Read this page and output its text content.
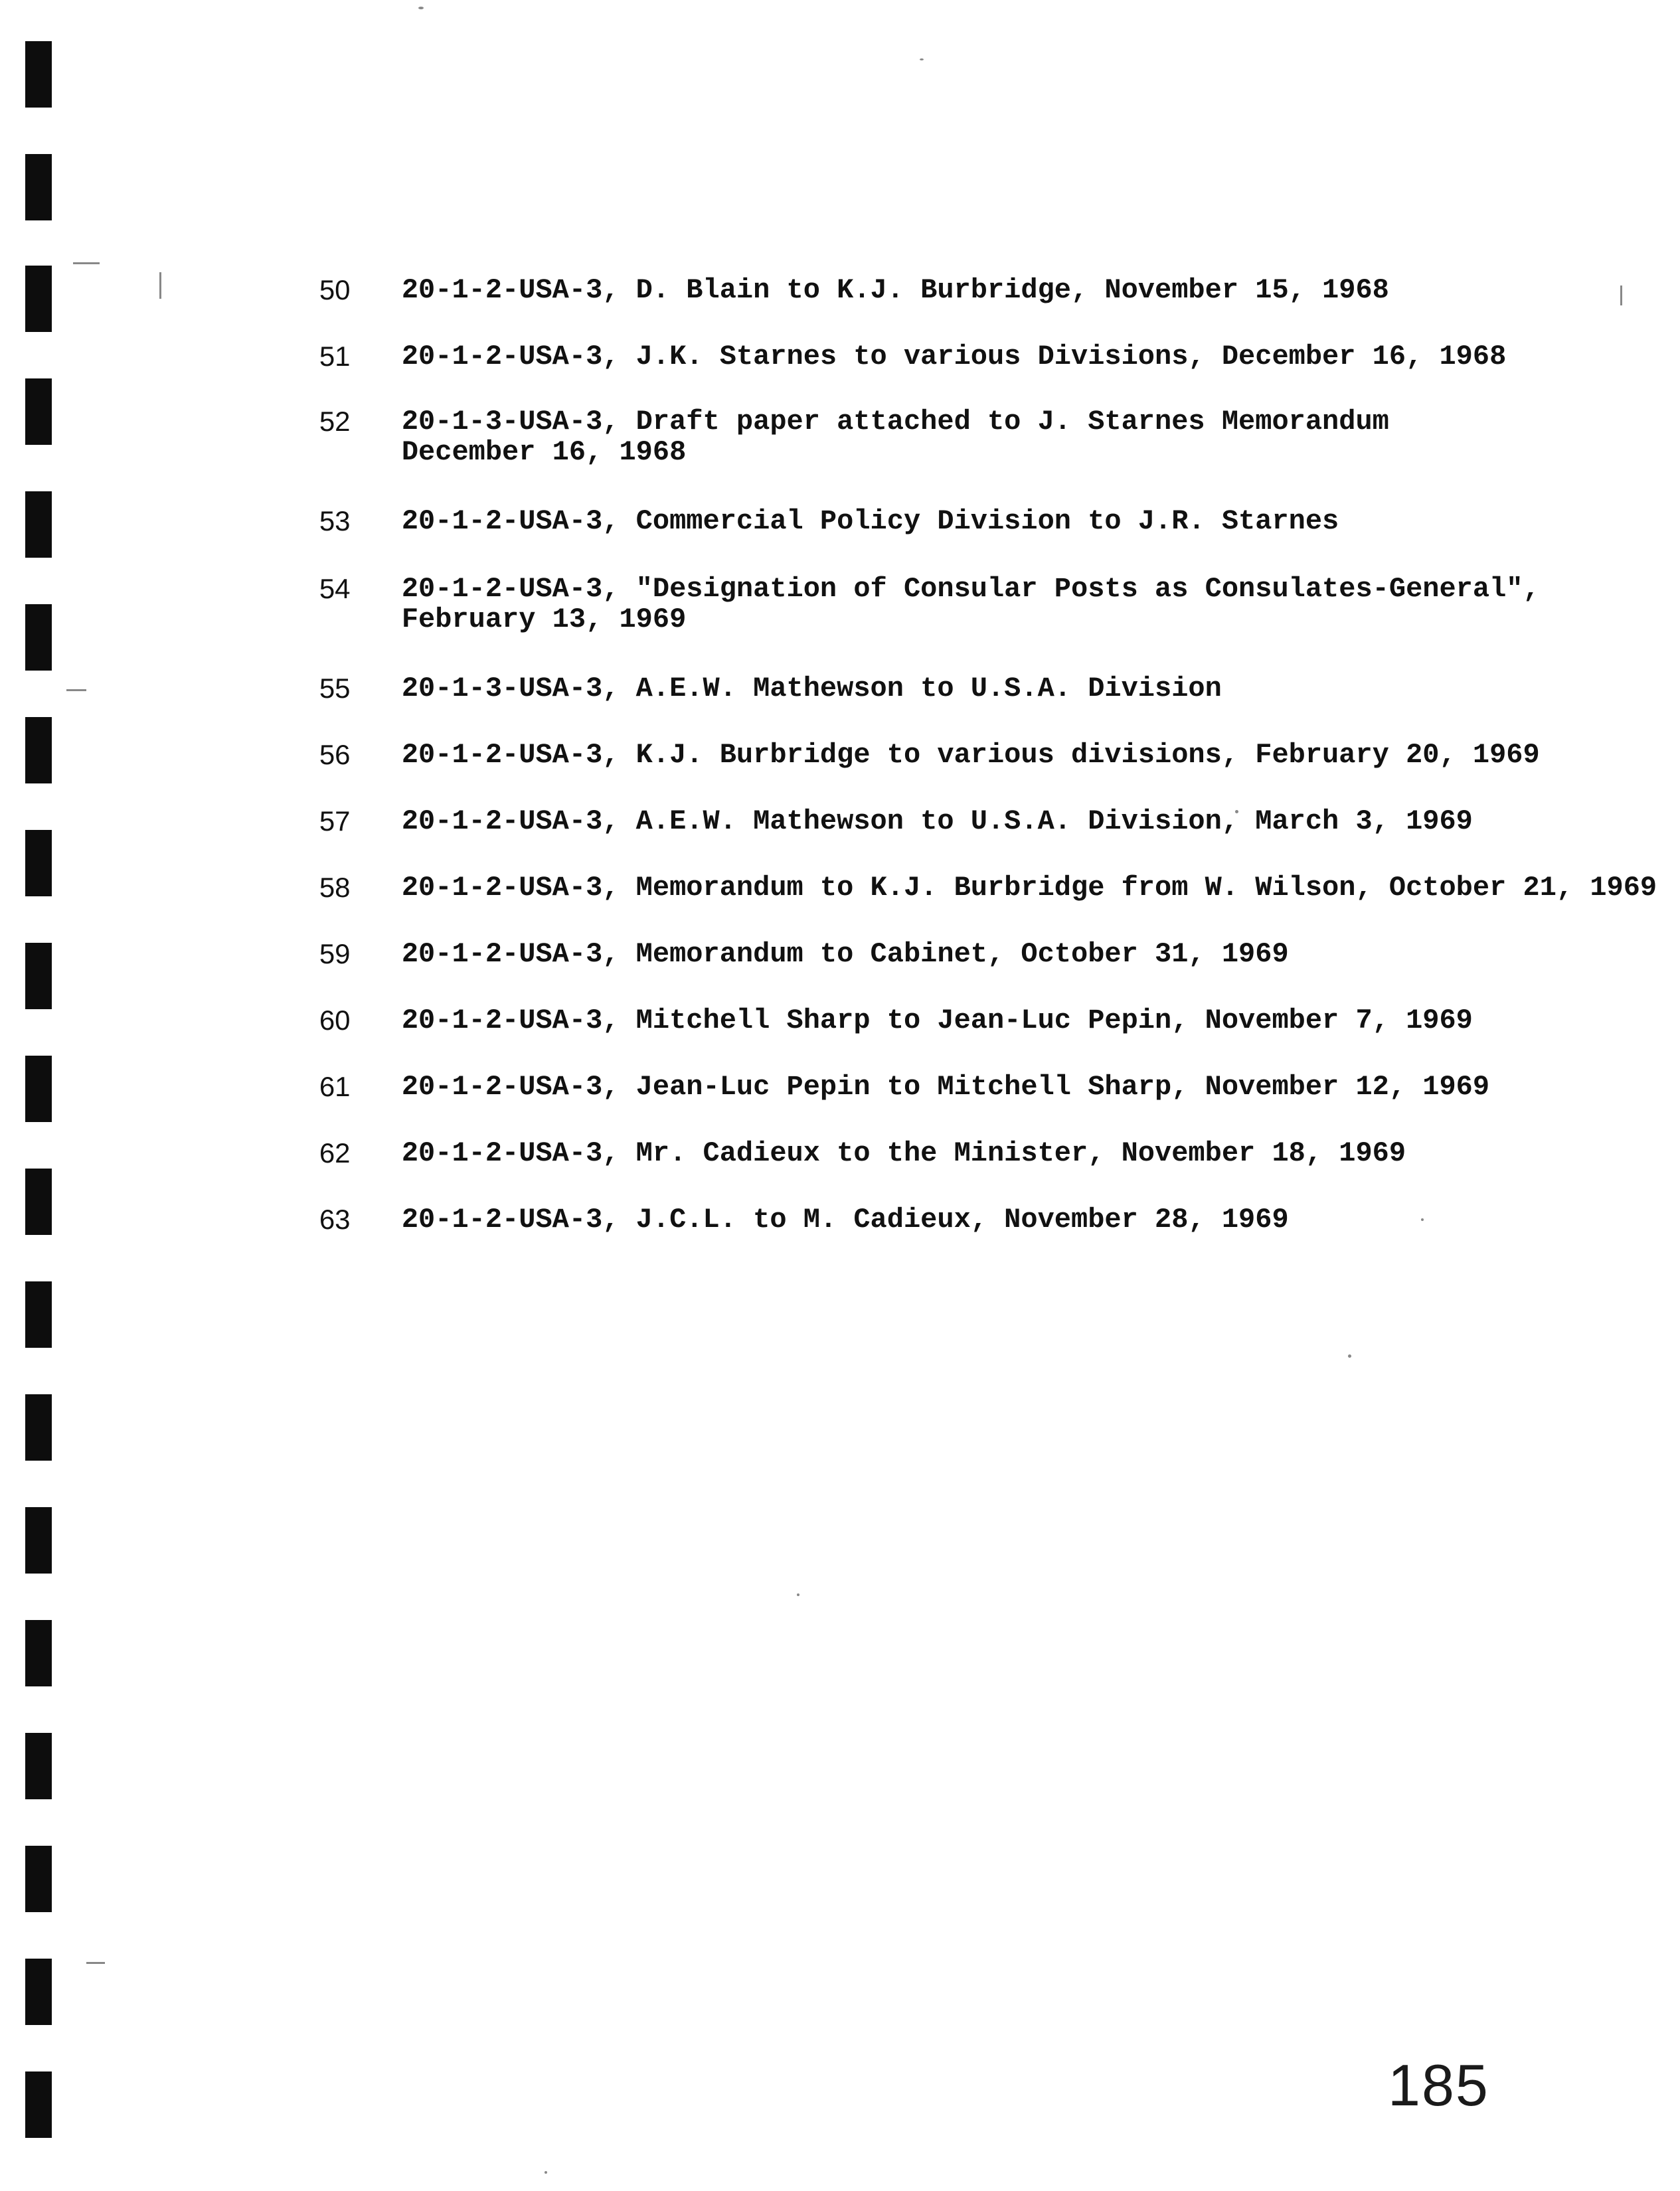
50 20-1-2-USA-3, D. Blain to K.J. Burbridge, November 15, 1968

51 20-1-2-USA-3, J.K. Starnes to various Divisions, December 16, 1968

52 20-1-3-USA-3, Draft paper attached to J. Starnes Memorandum
December 16, 1968

53 20-1-2-USA-3, Commercial Policy Division to J.R. Starnes

54 20-1-2-USA-3, "Designation of Consular Posts as Consulates-General",
February 13, 1969

55 20-1-3-USA-3, A.E.W. Mathewson to U.S.A. Division

56 20-1-2-USA-3, K.J. Burbridge to various divisions, February 20, 1969

57 20-1-2-USA-3, A.E.W. Mathewson to U.S.A. Division, March 3, 1969

58 20-1-2-USA-3, Memorandum to K.J. Burbridge from W. Wilson, October 21, 1969

59 20-1-2-USA-3, Memorandum to Cabinet, October 31, 1969

60 20-1-2-USA-3, Mitchell Sharp to Jean-Luc Pepin, November 7, 1969

61 20-1-2-USA-3, Jean-Luc Pepin to Mitchell Sharp, November 12, 1969

62 20-1-2-USA-3, Mr. Cadieux to the Minister, November 18, 1969

63 20-1-2-USA-3, J.C.L. to M. Cadieux, November 28, 1969

185
